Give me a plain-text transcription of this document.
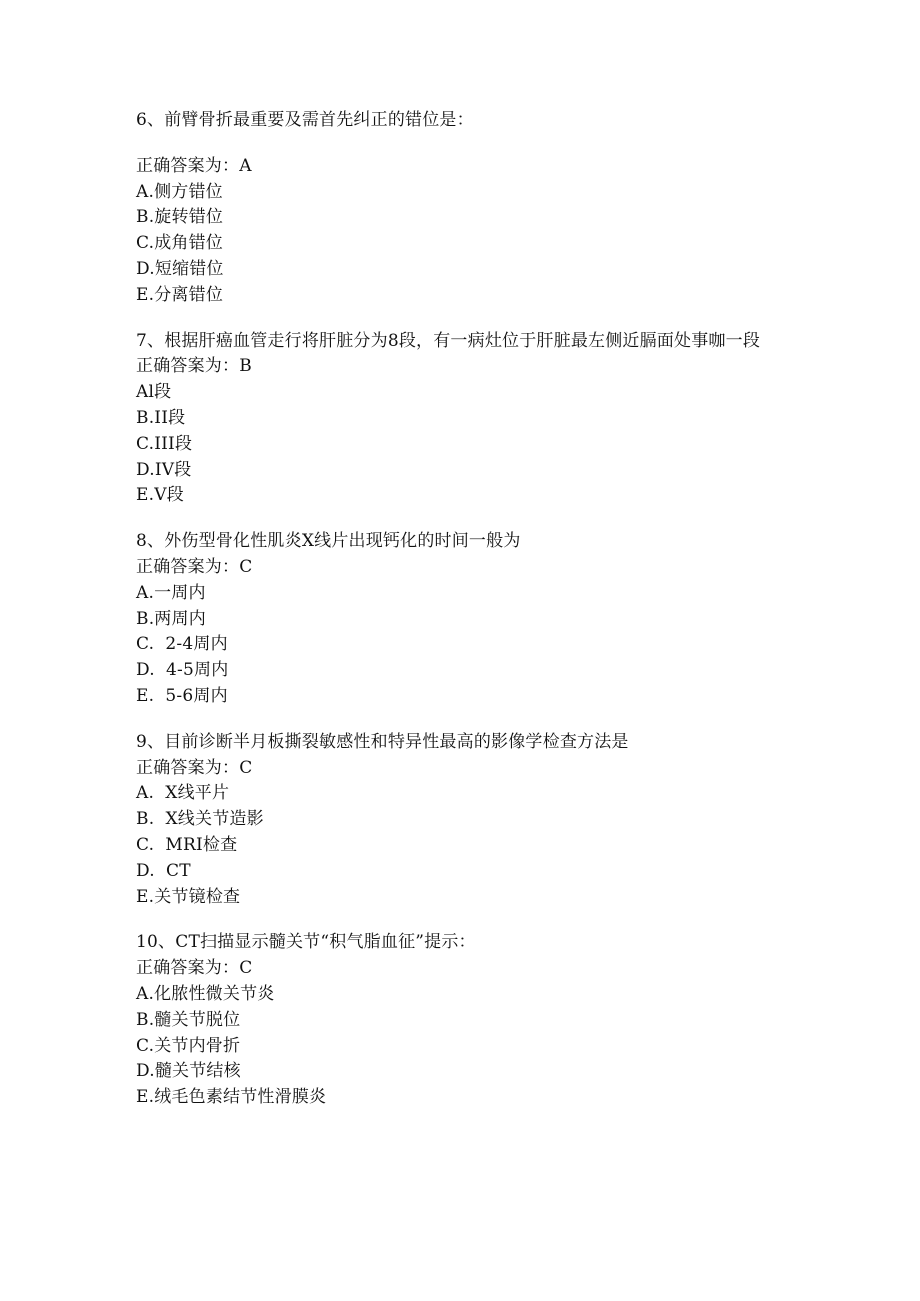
6、前臂骨折最重要及需首先纠正的错位是：
正确答案为：A
A.侧方错位
B.旋转错位
C.成角错位
D.短缩错位
E.分离错位
7、根据肝癌血管走行将肝脏分为8段，有一病灶位于肝脏最左侧近膈面处事咖一段
正确答案为：B
Al段
B.II段
C.III段
D.IV段
E.V段
8、外伤型骨化性肌炎X线片出现钙化的时间一般为
正确答案为：C
A.一周内
B.两周内
C.  2-4周内
D.  4-5周内
E.  5-6周内
9、目前诊断半月板撕裂敏感性和特异性最高的影像学检查方法是
正确答案为：C
A.  X线平片
B.  X线关节造影
C.  MRI检查
D.  CT
E.关节镜检查
10、CT扫描显示髓关节“积气脂血征”提示：
正确答案为：C
A.化脓性微关节炎
B.髓关节脱位
C.关节内骨折
D.髓关节结核
E.绒毛色素结节性滑膜炎
